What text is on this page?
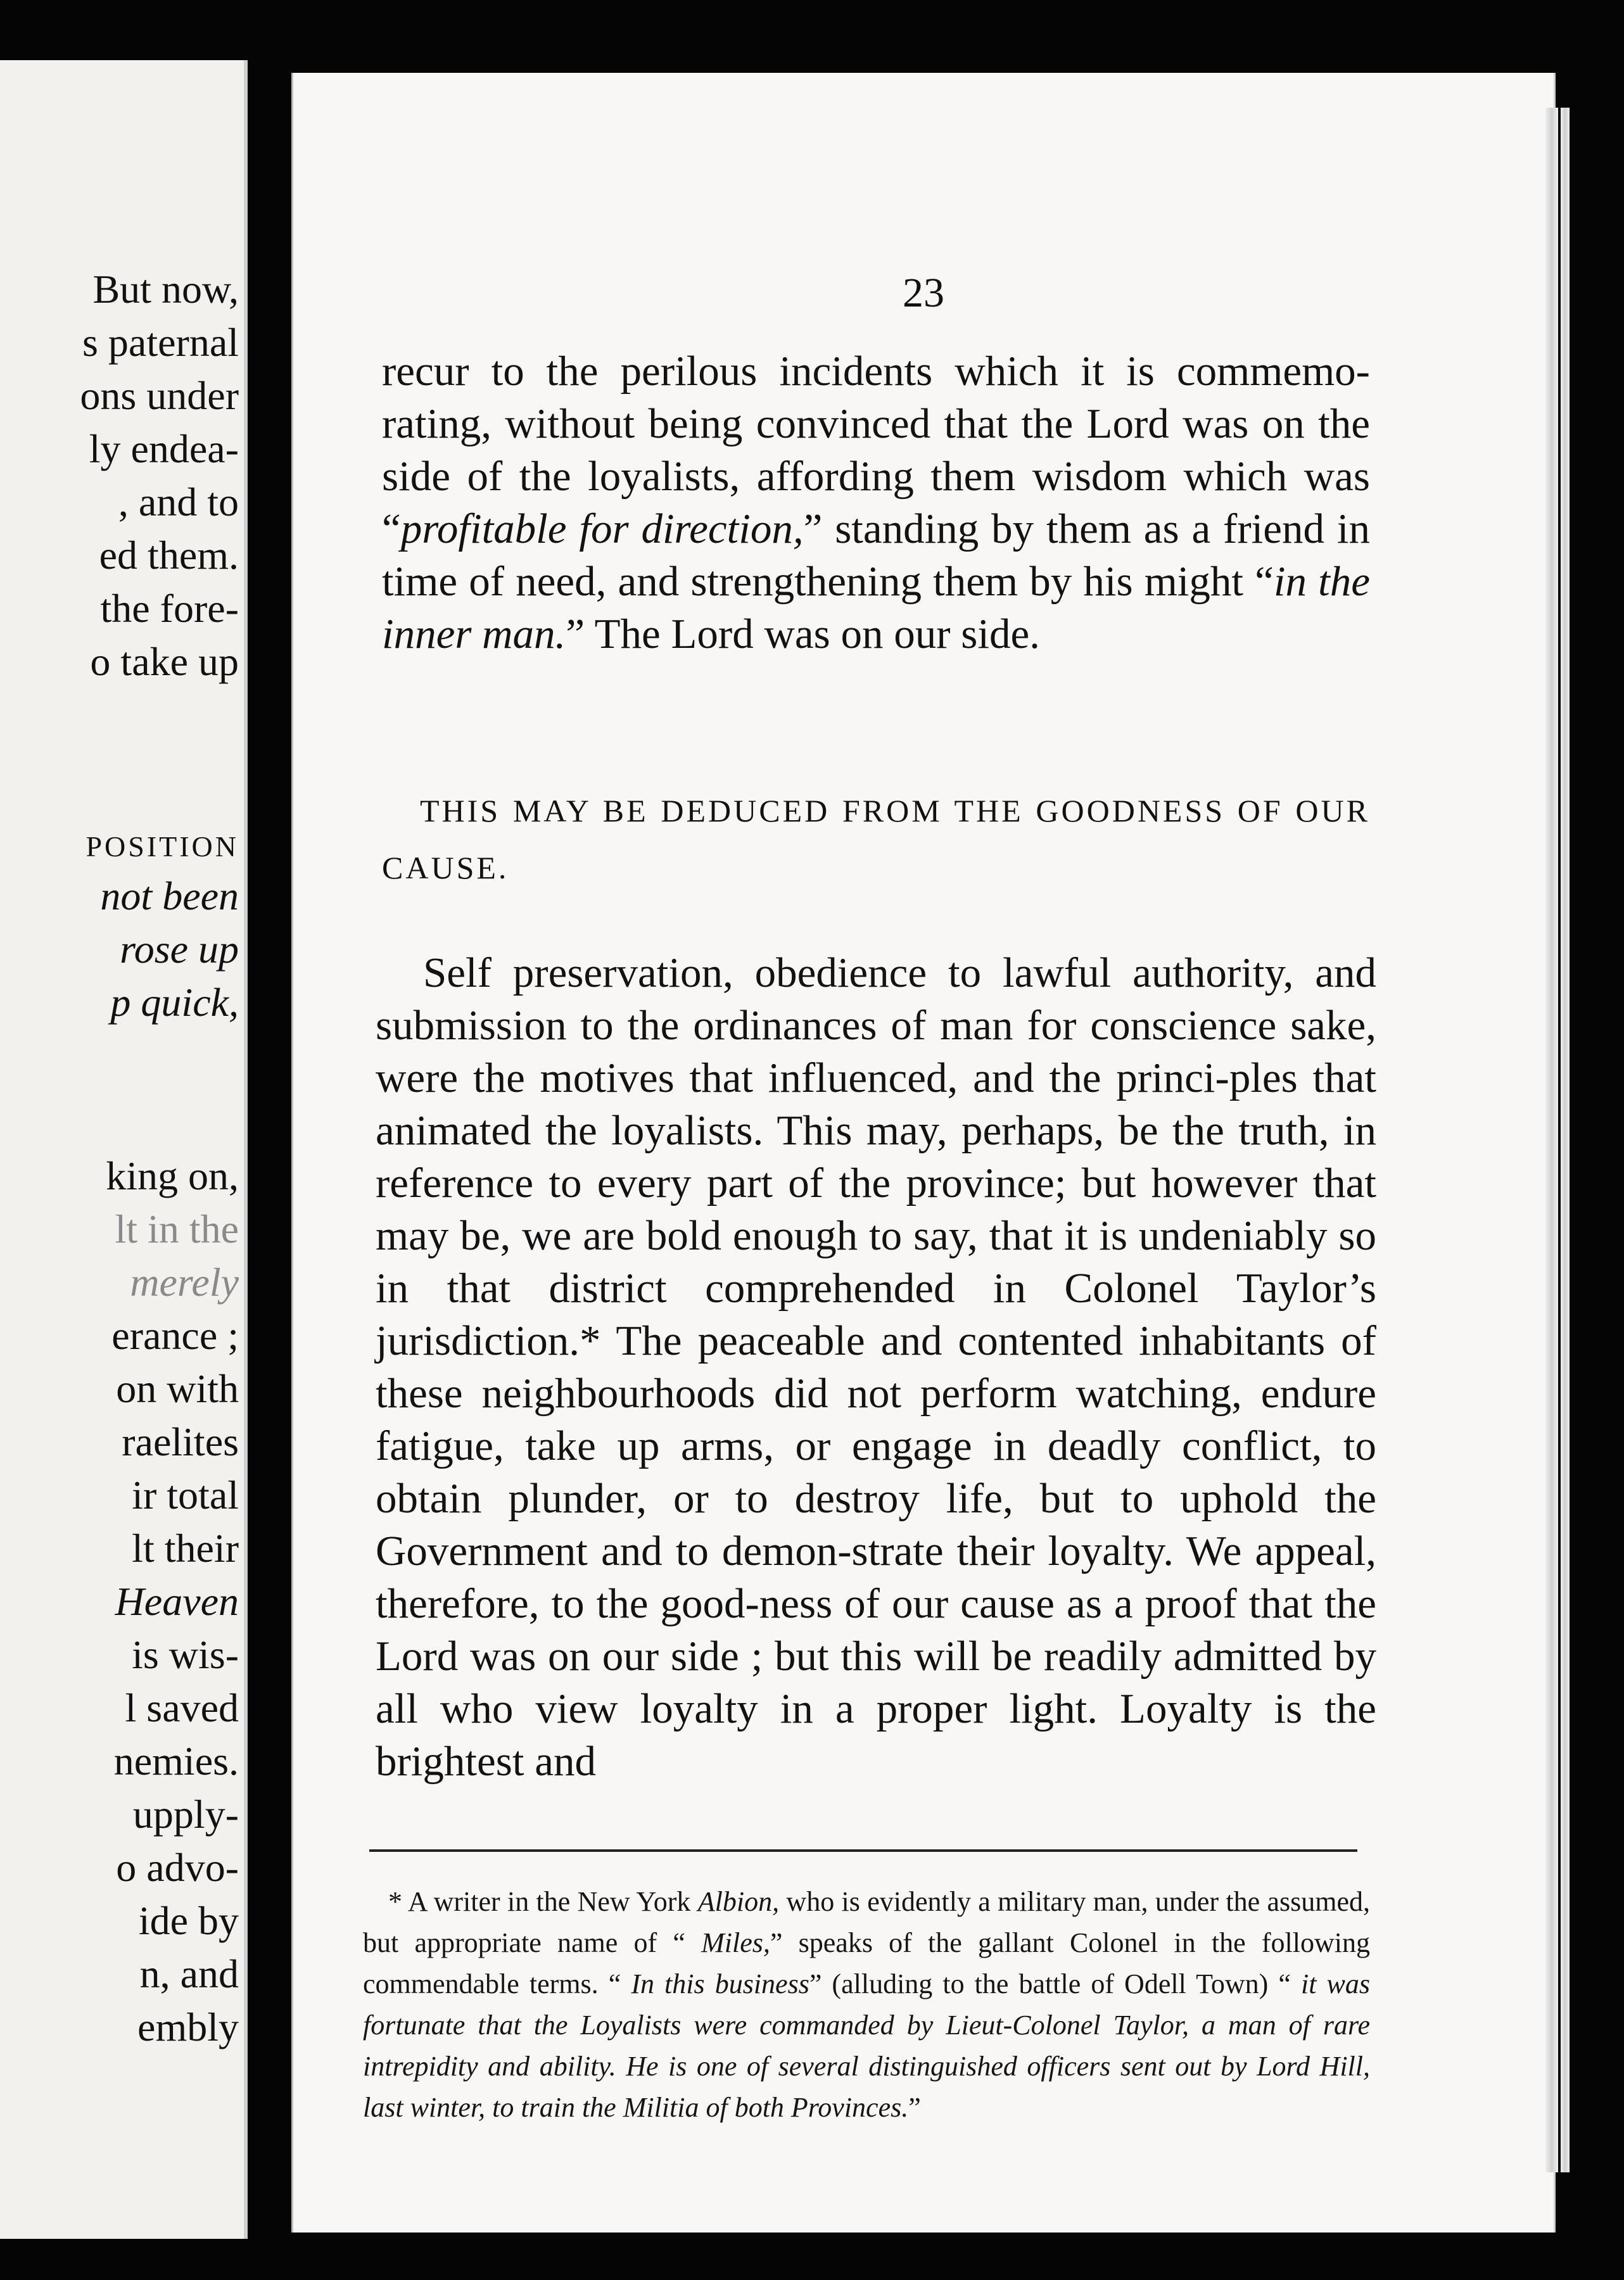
But now,
s paternal
ons under
ly endea-
, and to
ed them.
the fore-
o take up
POSITION
not been
rose up
p quick,
king on,
lt in the
merely
erance ;
on with
raelites
ir total
lt their
Heaven
is wis-
l saved
nemies.
upply-
o advo-
ide by
n, and
embly
23
recur to the perilous incidents which it is commemo-rating, without being convinced that the Lord was on the side of the loyalists, affording them wisdom which was “profitable for direction,” standing by them as a friend in time of need, and strengthening them by his might “in the inner man.” The Lord was on our side.
THIS MAY BE DEDUCED FROM THE GOODNESS OF OUR CAUSE.
Self preservation, obedience to lawful authority, and submission to the ordinances of man for conscience sake, were the motives that influenced, and the princi-ples that animated the loyalists. This may, perhaps, be the truth, in reference to every part of the province; but however that may be, we are bold enough to say, that it is undeniably so in that district comprehended in Colonel Taylor’s jurisdiction.* The peaceable and contented inhabitants of these neighbourhoods did not perform watching, endure fatigue, take up arms, or engage in deadly conflict, to obtain plunder, or to destroy life, but to uphold the Government and to demon-strate their loyalty. We appeal, therefore, to the good-ness of our cause as a proof that the Lord was on our side ; but this will be readily admitted by all who view loyalty in a proper light. Loyalty is the brightest and
* A writer in the New York Albion, who is evidently a military man, under the assumed, but appropriate name of “ Miles,” speaks of the gallant Colonel in the following commendable terms. “ In this business” (alluding to the battle of Odell Town) “ it was fortunate that the Loyalists were commanded by Lieut-Colonel Taylor, a man of rare intrepidity and ability. He is one of several distinguished officers sent out by Lord Hill, last winter, to train the Militia of both Provinces.”
